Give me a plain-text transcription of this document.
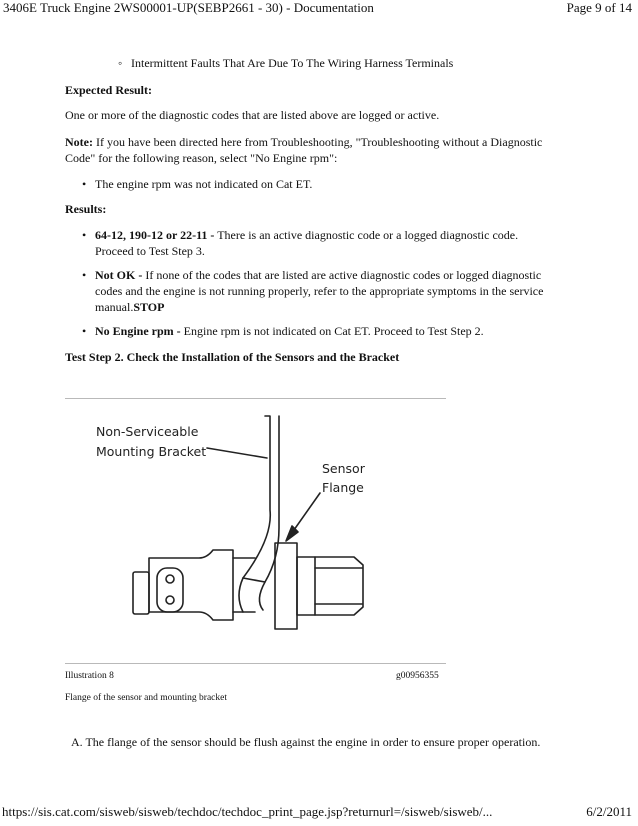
3406E Truck Engine 2WS00001-UP(SEBP2661 - 30) - Documentation	Page 9 of 14
◦ Intermittent Faults That Are Due To The Wiring Harness Terminals
Expected Result:
One or more of the diagnostic codes that are listed above are logged or active.
Note: If you have been directed here from Troubleshooting, "Troubleshooting without a Diagnostic
Code" for the following reason, select "No Engine rpm":
• The engine rpm was not indicated on Cat ET.
Results:
• 64-12, 190-12 or 22-11 - There is an active diagnostic code or a logged diagnostic code.
Proceed to Test Step 3.
• Not OK - If none of the codes that are listed are active diagnostic codes or logged diagnostic
codes and the engine is not running properly, refer to the appropriate symptoms in the service
manual.STOP
• No Engine rpm - Engine rpm is not indicated on Cat ET. Proceed to Test Step 2.
Test Step 2. Check the Installation of the Sensors and the Bracket
Non-Serviceable
Mounting Bracket
Sensor
Flange
Illustration 8	g00956355
Flange of the sensor and mounting bracket
A. The flange of the sensor should be flush against the engine in order to ensure proper operation.
https://sis.cat.com/sisweb/sisweb/techdoc/techdoc_print_page.jsp?returnurl=/sisweb/sisweb/...	6/2/2011
